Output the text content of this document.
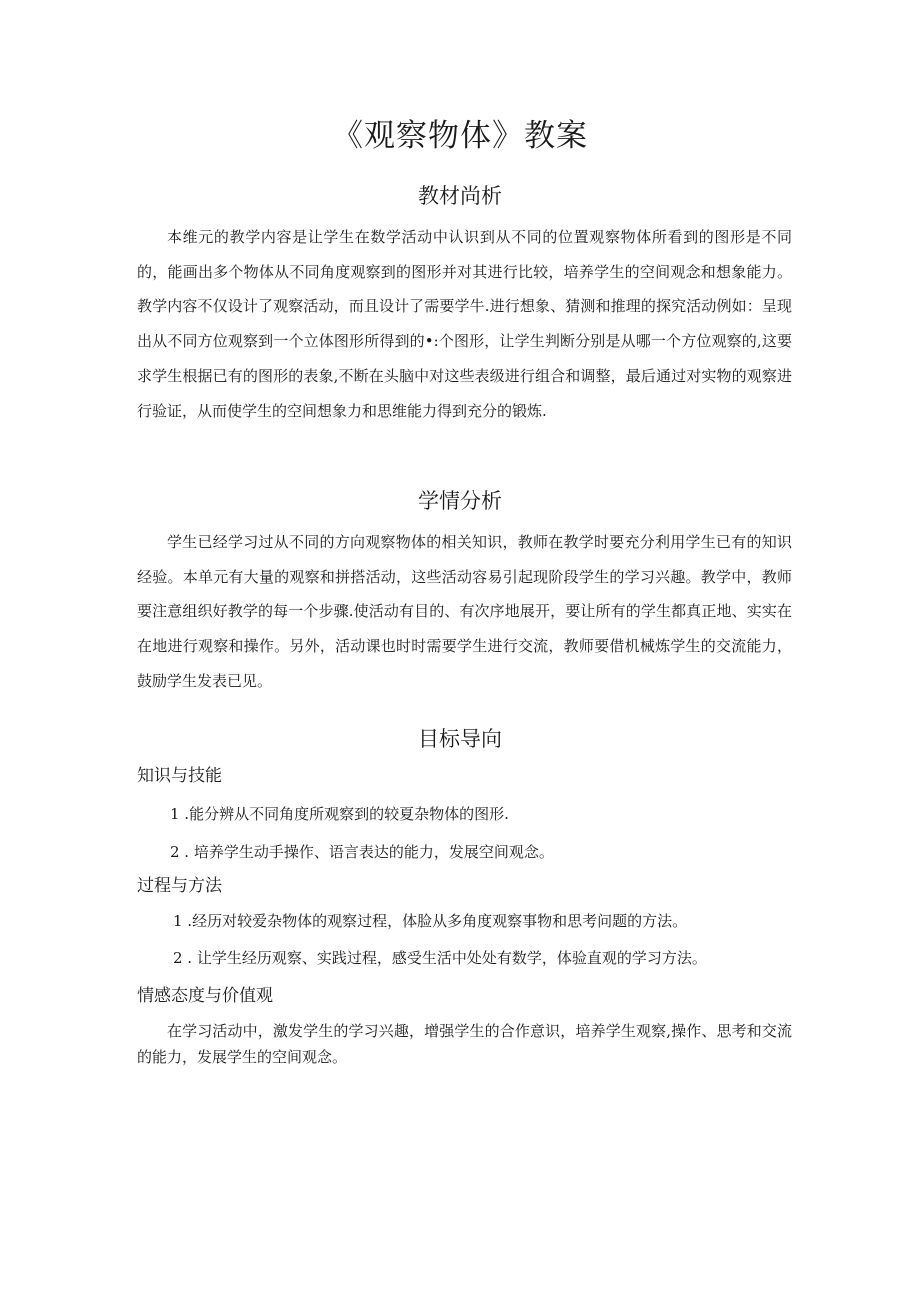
《观察物体》教案
教材尚析

本维元的教学内容是让学生在数学活动中认识到从不同的位置观察物体所看到的图形是不同的，能画出多个物体从不同角度观察到的图形并对其进行比较，培养学生的空间观念和想象能力。教学内容不仅设计了观察活动，而且设计了需要学牛.进行想象、猜测和推理的探究活动例如：呈现出从不同方位观察到一个立体图形所得到的•:个图形，让学生判断分别是从哪一个方位观察的,这要求学生根据已有的图形的表象,不断在头脑中对这些表级进行组合和调整，最后通过对实物的观察进行验证，从而使学生的空间想象力和思维能力得到充分的锻炼.

学情分析

学生已经学习过从不同的方向观察物体的相关知识，教师在教学时要充分利用学生已有的知识经验。本单元有大量的观察和拼搭活动，这些活动容易引起现阶段学生的学习兴趣。教学中，教师要注意组织好教学的每一个步骤.使活动有目的、有次序地展开，要让所有的学生都真正地、实实在在地进行观察和操作。另外，活动课也时时需要学生进行交流，教师要借机械炼学生的交流能力，鼓励学生发表已见。

目标导向
知识与技能

1 .能分辨从不同角度所观察到的较夏杂物体的图形.

2 . 培养学生动手操作、语言表达的能力，发展空间观念。

过程与方法

1 .经历对较爱杂物体的观察过程，体脸从多角度观察事物和思考问题的方法。

2 . 让学生经历观察、实践过程，感受生活中处处有数学，体验直观的学习方法。

情感态度与价值观

在学习活动中，激发学生的学习兴趣，增强学生的合作意识，培养学生观察,操作、思考和交流的能力，发展学生的空间观念。
